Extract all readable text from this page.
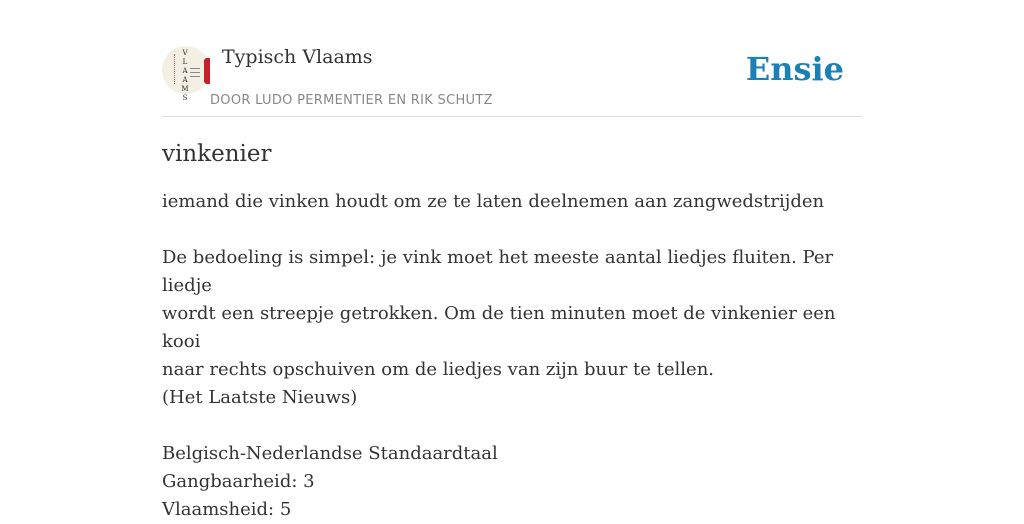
V
L
A
A
M
S
Typisch Vlaams
DOOR LUDO PERMENTIER EN RIK SCHUTZ
Ensie
vinkenier

iemand die vinken houdt om ze te laten deelnemen aan zangwedstrijden

De bedoeling is simpel: je vink moet het meeste aantal liedjes fluiten. Per liedje

wordt een streepje getrokken. Om de tien minuten moet de vinkenier een kooi

naar rechts opschuiven om de liedjes van zijn buur te tellen.

(Het Laatste Nieuws)

Belgisch-Nederlandse Standaardtaal

Gangbaarheid: 3

Vlaamsheid: 5
